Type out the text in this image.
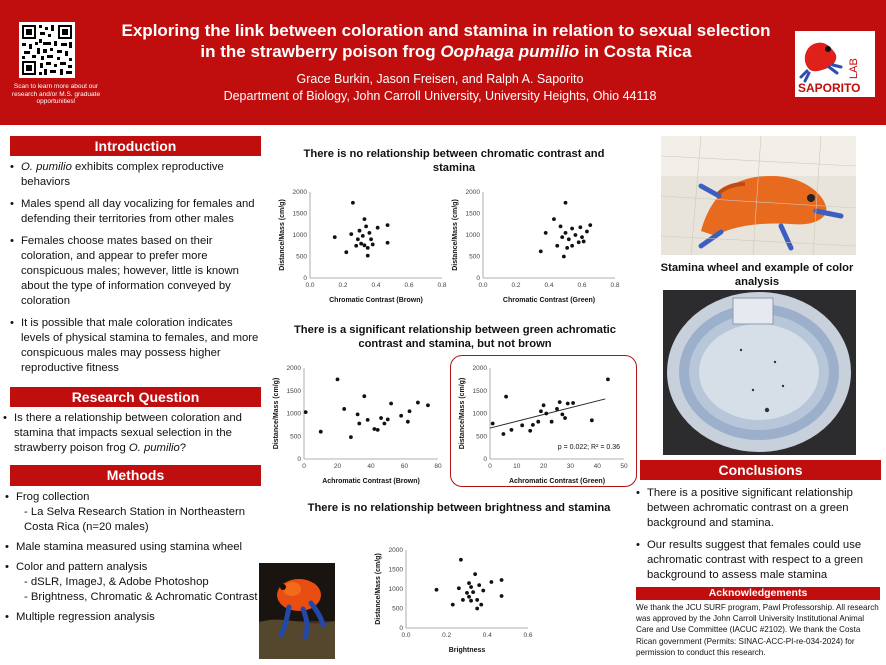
Scan to learn more about our research and/or M.S. graduate opportunities!
Exploring the link between coloration and stamina in relation to sexual selection
in the strawberry poison frog Oophaga pumilio in Costa Rica
Grace Burkin, Jason Freisen, and Ralph A. Saporito
Department of Biology, John Carroll University, University Heights, Ohio 44118
LAB
SAPORITO
Introduction
• O. pumilio exhibits complex reproductive behaviors
• Males spend all day vocalizing for females and defending their territories from other males
• Females choose mates based on their coloration, and appear to prefer more conspicuous males; however, little is known about the type of information conveyed by coloration
• It is possible that male coloration indicates levels of physical stamina to females, and more conspicuous males may possess higher reproductive fitness
Research Question
• Is there a relationship between coloration and stamina that impacts sexual selection in the strawberry poison frog O. pumilio?
Methods
• Frog collection
- La Selva Research Station in Northeastern Costa Rica (n=20 males)
• Male stamina measured using stamina wheel
• Color and pattern analysis
- dSLR, ImageJ, & Adobe Photoshop
- Brightness, Chromatic & Achromatic Contrast
• Multiple regression analysis
There is no relationship between chromatic contrast and stamina
0.0	0.2	0.4	0.6	0.8
0
500
1000
1500
2000
Chromatic Contrast (Brown)
Distance/Mass (cm/g)
0.0	0.2	0.4	0.6	0.8
0
500
1000
1500
2000
Chromatic Contrast (Green)
Distance/Mass (cm/g)
There is a significant relationship between green achromatic contrast and stamina, but not brown
0	20	40	60	80
0
500
1000
1500
2000
Achromatic Contrast (Brown)
Distance/Mass (cm/g)
0	10	20	30	40	50
0
500
1000
1500
2000
Achromatic Contrast (Green)
Distance/Mass (cm/g)	p = 0.022; R² = 0.36
There is no relationship between brightness and stamina
0.0	0.2	0.4	0.6
0
500
1000
1500
2000
Brightness
Distance/Mass (cm/g)
Stamina wheel and example of color analysis
Conclusions
• There is a positive significant relationship between achromatic contrast on a green background and stamina.
• Our results suggest that females could use achromatic contrast with respect to a green background to assess male stamina
Acknowledgements
We thank the JCU SURF program, Pawl Professorship. All research was approved by the John Carroll University Institutional Animal Care and Use Committee (IACUC #2102). We thank the Costa Rican government (Permits: SINAC-ACC-PI-re-034-2024) for permission to conduct this research.
